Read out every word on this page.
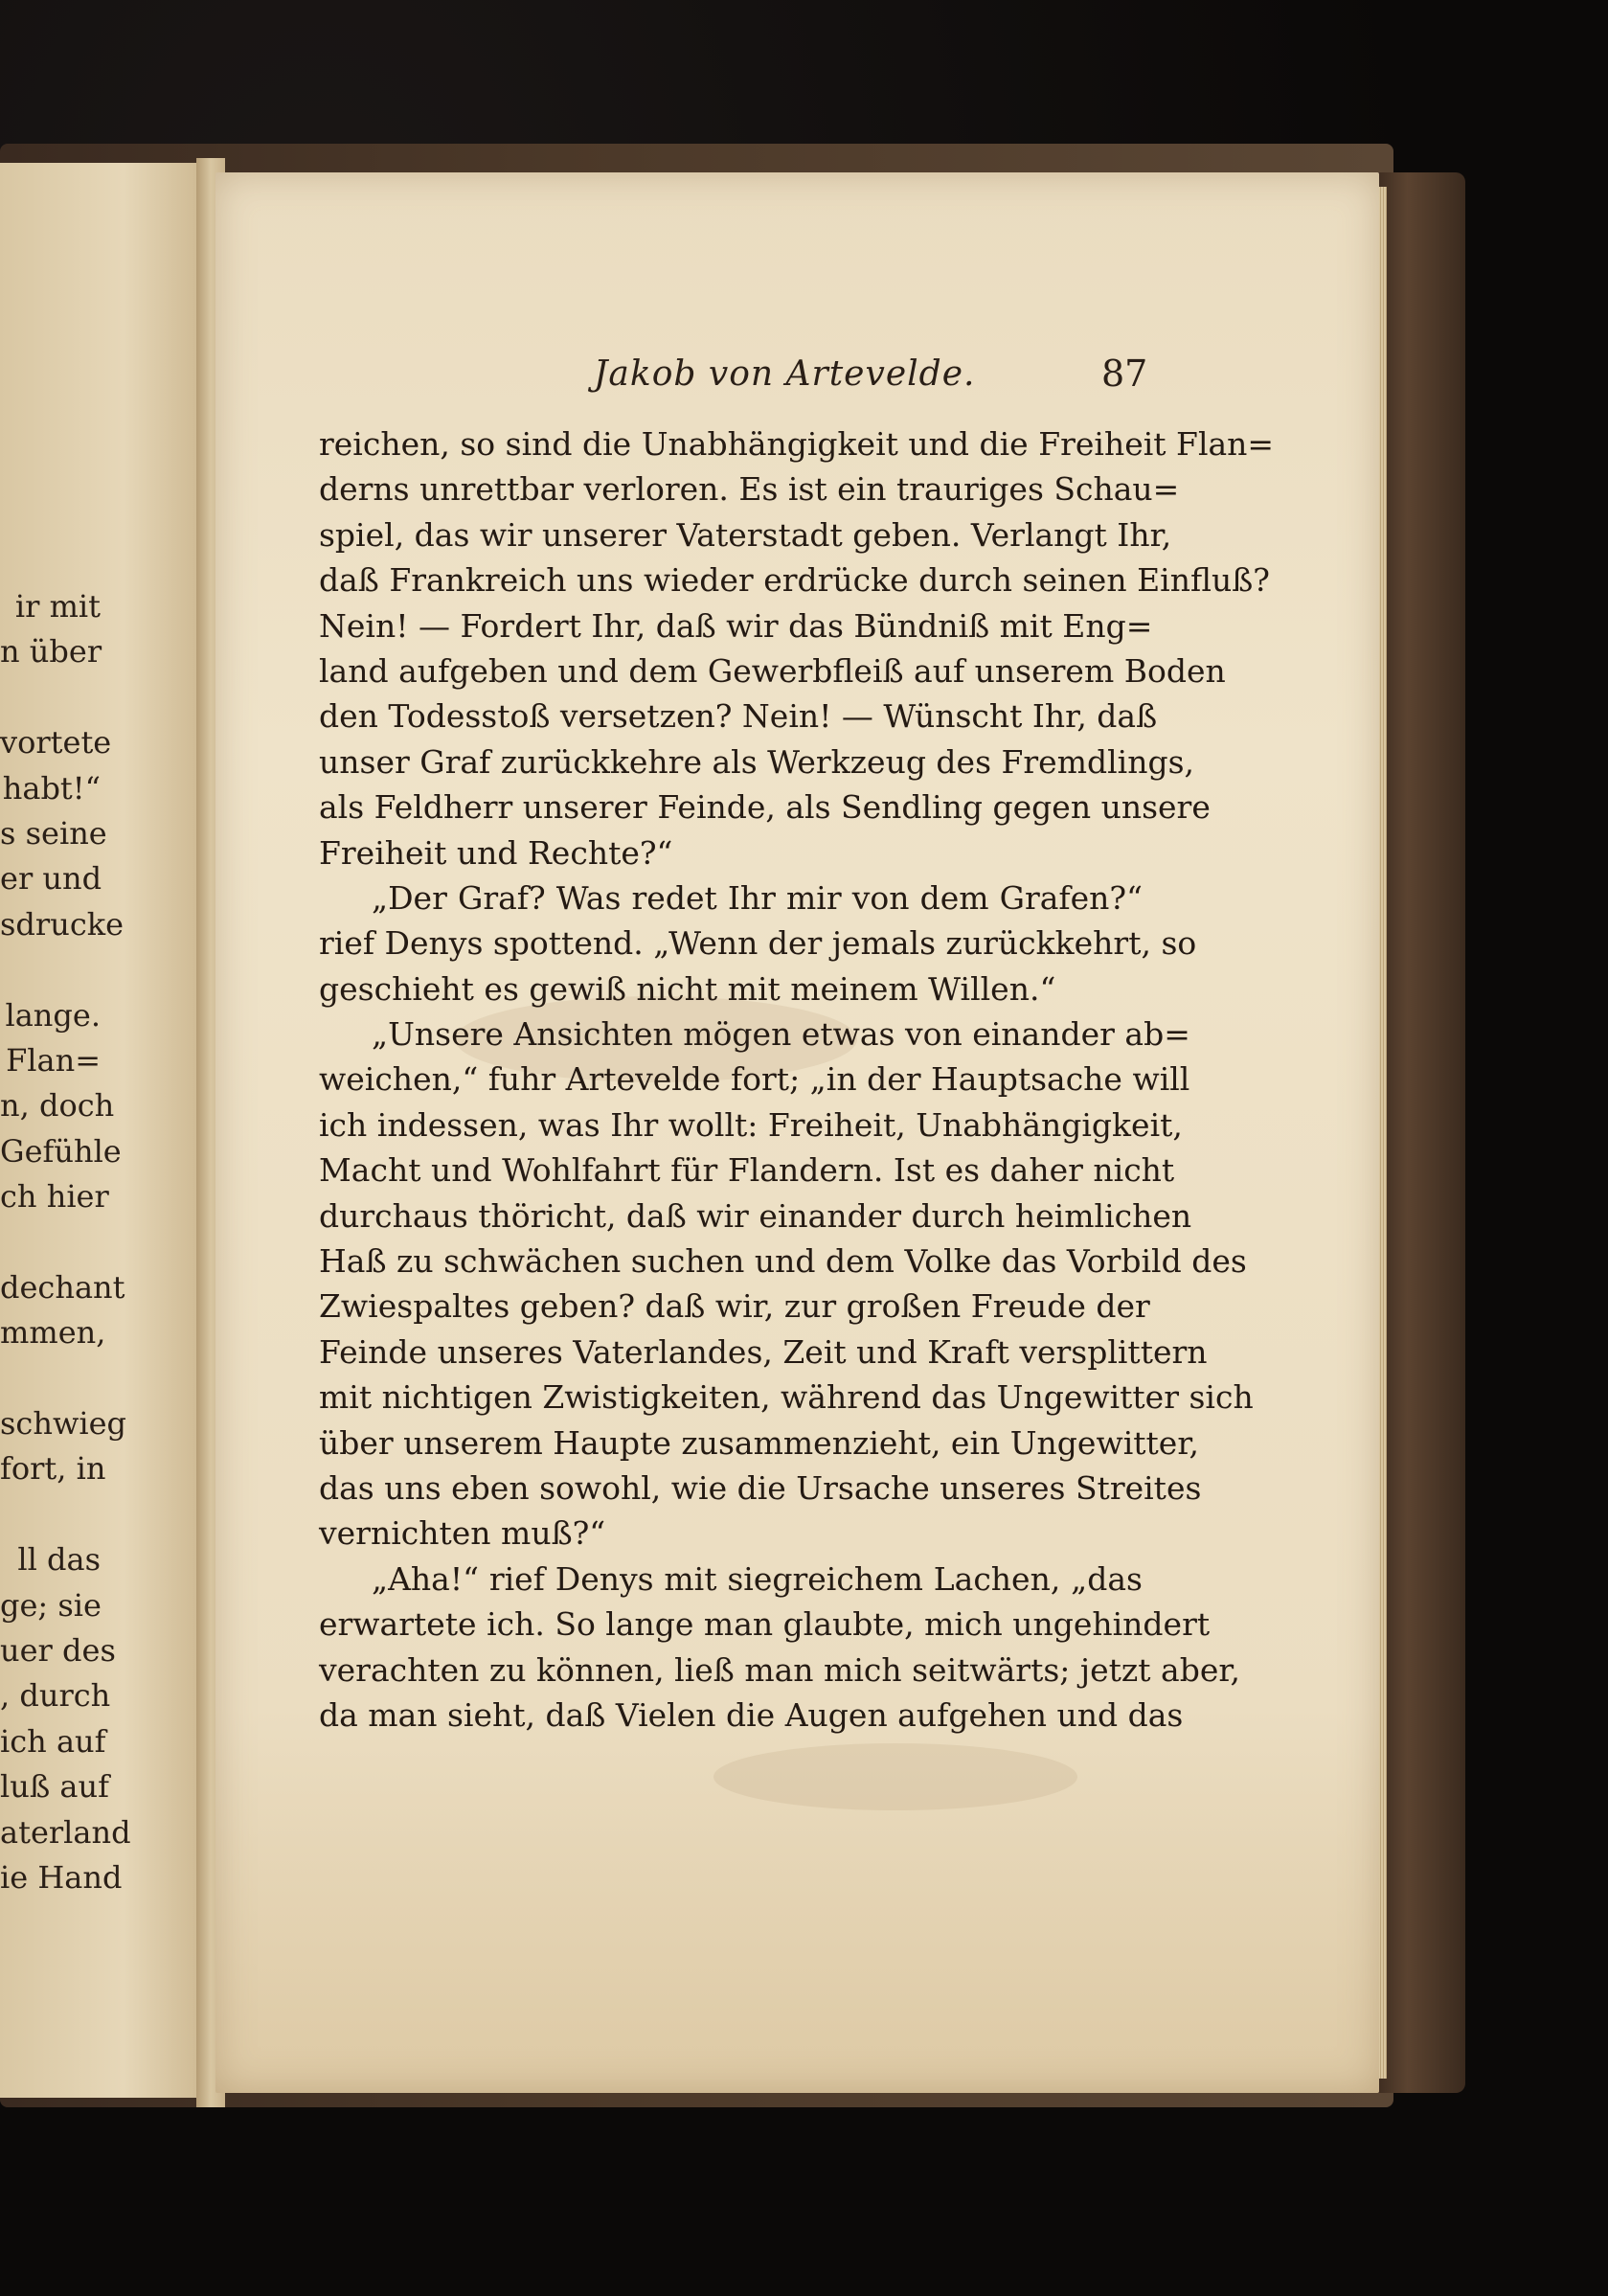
ir mit
n über
vortete
habt!“
s seine
er und
sdrucke
lange.
Flan=
n, doch
Gefühle
ch hier
dechant
mmen,
schwieg
fort, in
ll das
ge; sie
uer des
, durch
ich auf
luß auf
aterland
ie Hand
Jakob von Artevelde.	87
reichen, so sind die Unabhängigkeit und die Freiheit Flan=
derns unrettbar verloren. Es ist ein trauriges Schau=
spiel, das wir unserer Vaterstadt geben. Verlangt Ihr,
daß Frankreich uns wieder erdrücke durch seinen Einfluß?
Nein! — Fordert Ihr, daß wir das Bündniß mit Eng=
land aufgeben und dem Gewerbfleiß auf unserem Boden
den Todesstoß versetzen? Nein! — Wünscht Ihr, daß
unser Graf zurückkehre als Werkzeug des Fremdlings,
als Feldherr unserer Feinde, als Sendling gegen unsere
Freiheit und Rechte?“
„Der Graf? Was redet Ihr mir von dem Grafen?“
rief Denys spottend. „Wenn der jemals zurückkehrt, so
geschieht es gewiß nicht mit meinem Willen.“
„Unsere Ansichten mögen etwas von einander ab=
weichen,“ fuhr Artevelde fort; „in der Hauptsache will
ich indessen, was Ihr wollt: Freiheit, Unabhängigkeit,
Macht und Wohlfahrt für Flandern. Ist es daher nicht
durchaus thöricht, daß wir einander durch heimlichen
Haß zu schwächen suchen und dem Volke das Vorbild des
Zwiespaltes geben? daß wir, zur großen Freude der
Feinde unseres Vaterlandes, Zeit und Kraft versplittern
mit nichtigen Zwistigkeiten, während das Ungewitter sich
über unserem Haupte zusammenzieht, ein Ungewitter,
das uns eben sowohl, wie die Ursache unseres Streites
vernichten muß?“
„Aha!“ rief Denys mit siegreichem Lachen, „das
erwartete ich. So lange man glaubte, mich ungehindert
verachten zu können, ließ man mich seitwärts; jetzt aber,
da man sieht, daß Vielen die Augen aufgehen und das
